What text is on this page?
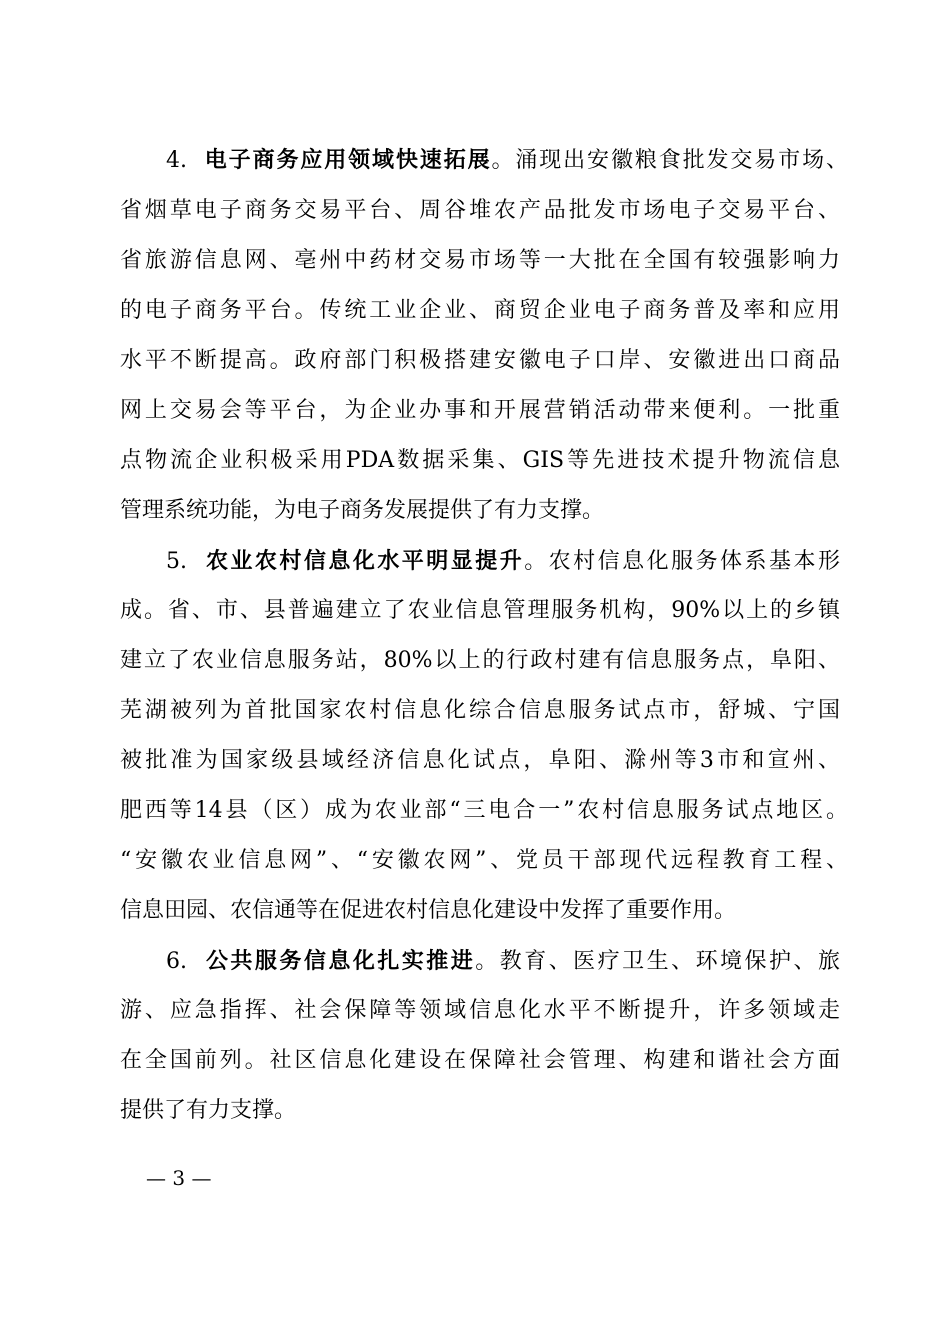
4. 电子商务应用领域快速拓展。涌现出安徽粮食批发交易市场、
省烟草电子商务交易平台、周谷堆农产品批发市场电子交易平台、
省旅游信息网、亳州中药材交易市场等一大批在全国有较强影响力
的电子商务平台。传统工业企业、商贸企业电子商务普及率和应用
水平不断提高。政府部门积极搭建安徽电子口岸、安徽进出口商品
网上交易会等平台，为企业办事和开展营销活动带来便利。一批重
点物流企业积极采用PDA数据采集、GIS等先进技术提升物流信息
管理系统功能，为电子商务发展提供了有力支撑。
5. 农业农村信息化水平明显提升。农村信息化服务体系基本形
成。省、市、县普遍建立了农业信息管理服务机构，90%以上的乡镇
建立了农业信息服务站，80%以上的行政村建有信息服务点，阜阳、
芜湖被列为首批国家农村信息化综合信息服务试点市，舒城、宁国
被批准为国家级县域经济信息化试点，阜阳、滁州等3市和宣州、
肥西等14县（区）成为农业部“三电合一”农村信息服务试点地区。
“安徽农业信息网”、“安徽农网”、党员干部现代远程教育工程、
信息田园、农信通等在促进农村信息化建设中发挥了重要作用。
6. 公共服务信息化扎实推进。教育、医疗卫生、环境保护、旅
游、应急指挥、社会保障等领域信息化水平不断提升，许多领域走
在全国前列。社区信息化建设在保障社会管理、构建和谐社会方面
提供了有力支撑。
— 3 —
